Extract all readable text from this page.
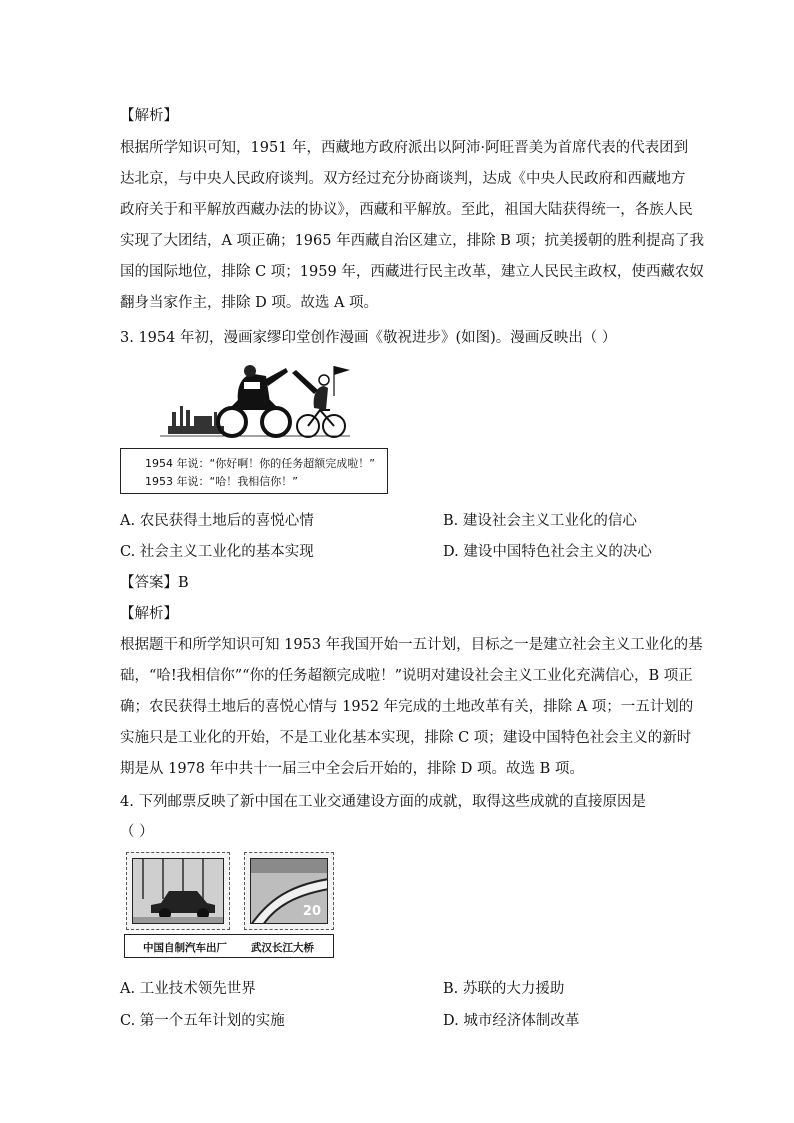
【解析】
根据所学知识可知，1951 年，西藏地方政府派出以阿沛·阿旺晋美为首席代表的代表团到
达北京，与中央人民政府谈判。双方经过充分协商谈判，达成《中央人民政府和西藏地方
政府关于和平解放西藏办法的协议》，西藏和平解放。至此，祖国大陆获得统一，各族人民
实现了大团结，A 项正确；1965 年西藏自治区建立，排除 B 项；抗美援朝的胜利提高了我
国的国际地位，排除 C 项；1959 年，西藏进行民主改革，建立人民民主政权，使西藏农奴
翻身当家作主，排除 D 项。故选 A 项。
3. 1954 年初，漫画家缪印堂创作漫画《敬祝进步》(如图)。漫画反映出（ ）
1954 年说：“你好啊！你的任务超额完成啦！”
1953 年说：“哈！我相信你！”
A. 农民获得土地后的喜悦心情	B. 建设社会主义工业化的信心
C. 社会主义工业化的基本实现	D. 建设中国特色社会主义的决心
【答案】B
【解析】
根据题干和所学知识可知 1953 年我国开始一五计划，目标之一是建立社会主义工业化的基
础，“哈!我相信你”“你的任务超额完成啦！”说明对建设社会主义工业化充满信心，B 项正
确；农民获得土地后的喜悦心情与 1952 年完成的土地改革有关，排除 A 项；一五计划的
实施只是工业化的开始，不是工业化基本实现，排除 C 项；建设中国特色社会主义的新时
期是从 1978 年中共十一届三中全会后开始的，排除 D 项。故选 B 项。
4. 下列邮票反映了新中国在工业交通建设方面的成就，取得这些成就的直接原因是
（ ）
20
中国自制汽车出厂 武汉长江大桥
A. 工业技术领先世界	B. 苏联的大力援助
C. 第一个五年计划的实施	D. 城市经济体制改革
